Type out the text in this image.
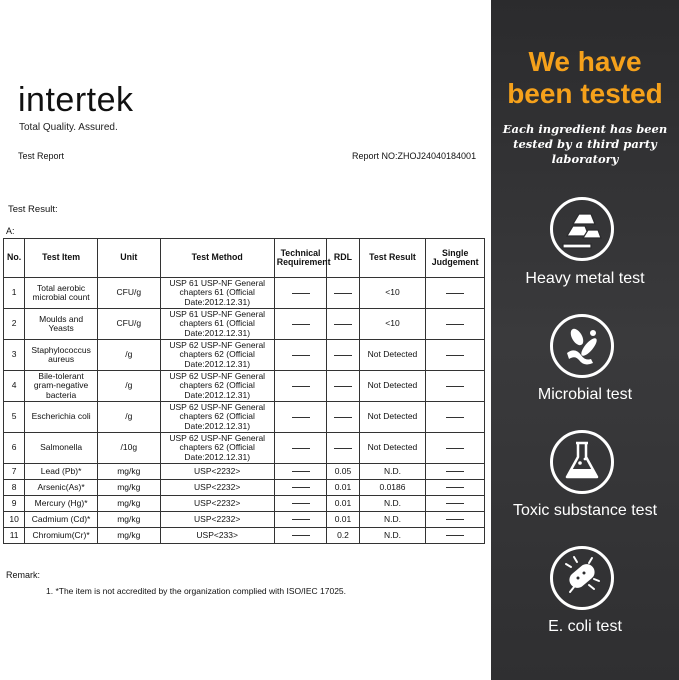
intertek
Total Quality. Assured.
Test Report	Report NO:ZHOJ24040184001
Test Result:
A:
No.	Test Item	Unit	Test Method	Technical Requirement	RDL	Test Result	Single Judgement
1	Total aerobic microbial count	CFU/g	USP 61 USP-NF General chapters 61 (Official Date:2012.12.31)			<10	
2	Moulds and Yeasts	CFU/g	USP 61 USP-NF General chapters 61 (Official Date:2012.12.31)			<10	
3	Staphylococcus aureus	/g	USP 62 USP-NF General chapters 62 (Official Date:2012.12.31)			Not Detected	
4	Bile-tolerant gram-negative bacteria	/g	USP 62 USP-NF General chapters 62 (Official Date:2012.12.31)			Not Detected	
5	Escherichia coli	/g	USP 62 USP-NF General chapters 62 (Official Date:2012.12.31)			Not Detected	
6	Salmonella	/10g	USP 62 USP-NF General chapters 62 (Official Date:2012.12.31)			Not Detected	
7	Lead (Pb)*	mg/kg	USP<2232>		0.05	N.D.	
8	Arsenic(As)*	mg/kg	USP<2232>		0.01	0.0186	
9	Mercury (Hg)*	mg/kg	USP<2232>		0.01	N.D.	
10	Cadmium (Cd)*	mg/kg	USP<2232>		0.01	N.D.	
11	Chromium(Cr)*	mg/kg	USP<233>		0.2	N.D.	
Remark:
1. *The item is not accredited by the organization complied with ISO/IEC 17025.
We have
been tested
Each ingredient has been tested by a third party laboratory
Heavy metal test
Microbial test
Toxic substance test
E. coli test
